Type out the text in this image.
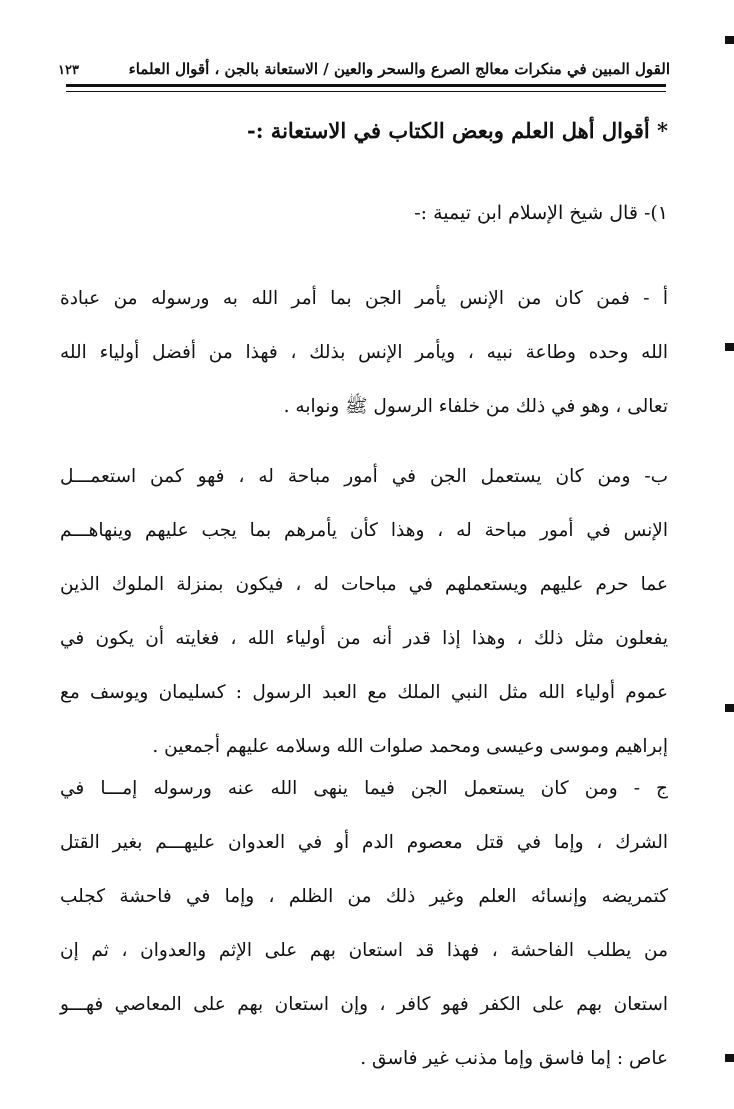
القول المبين في منكرات معالج الصرع والسحر والعين / الاستعانة بالجن ، أقوال العلماء
١٢٣
* أقوال أهل العلم وبعض الكتاب في الاستعانة :-
١)- قال شيخ الإسلام ابن تيمية :-
أ - فمن كان من الإنس يأمر الجن بما أمر الله به ورسوله من عبادة
الله وحده وطاعة نبيه ، ويأمر الإنس بذلك ، فهذا من أفضل أولياء الله
تعالى ، وهو في ذلك من خلفاء الرسول ﷺ ونوابه .
ب- ومن كان يستعمل الجن في أمور مباحة له ، فهو كمن استعمـــل
الإنس في أمور مباحة له ، وهذا كأن يأمرهم بما يجب عليهم وينهاهـــم
عما حرم عليهم ويستعملهم في مباحات له ، فيكون بمنزلة الملوك الذين
يفعلون مثل ذلك ، وهذا إذا قدر أنه من أولياء الله ، فغايته أن يكون في
عموم أولياء الله مثل النبي الملك مع العبد الرسول : كسليمان ويوسف مع
إبراهيم وموسى وعيسى ومحمد صلوات الله وسلامه عليهم أجمعين .
ج - ومن كان يستعمل الجن فيما ينهى الله عنه ورسوله إمـــا في
الشرك ، وإما في قتل معصوم الدم أو في العدوان عليهـــم بغير القتل
كتمريضه وإنسائه العلم وغير ذلك من الظلم ، وإما في فاحشة كجلب
من يطلب الفاحشة ، فهذا قد استعان بهم على الإثم والعدوان ، ثم إن
استعان بهم على الكفر فهو كافر ، وإن استعان بهم على المعاصي فهـــو
عاص : إما فاسق وإما مذنب غير فاسق .
